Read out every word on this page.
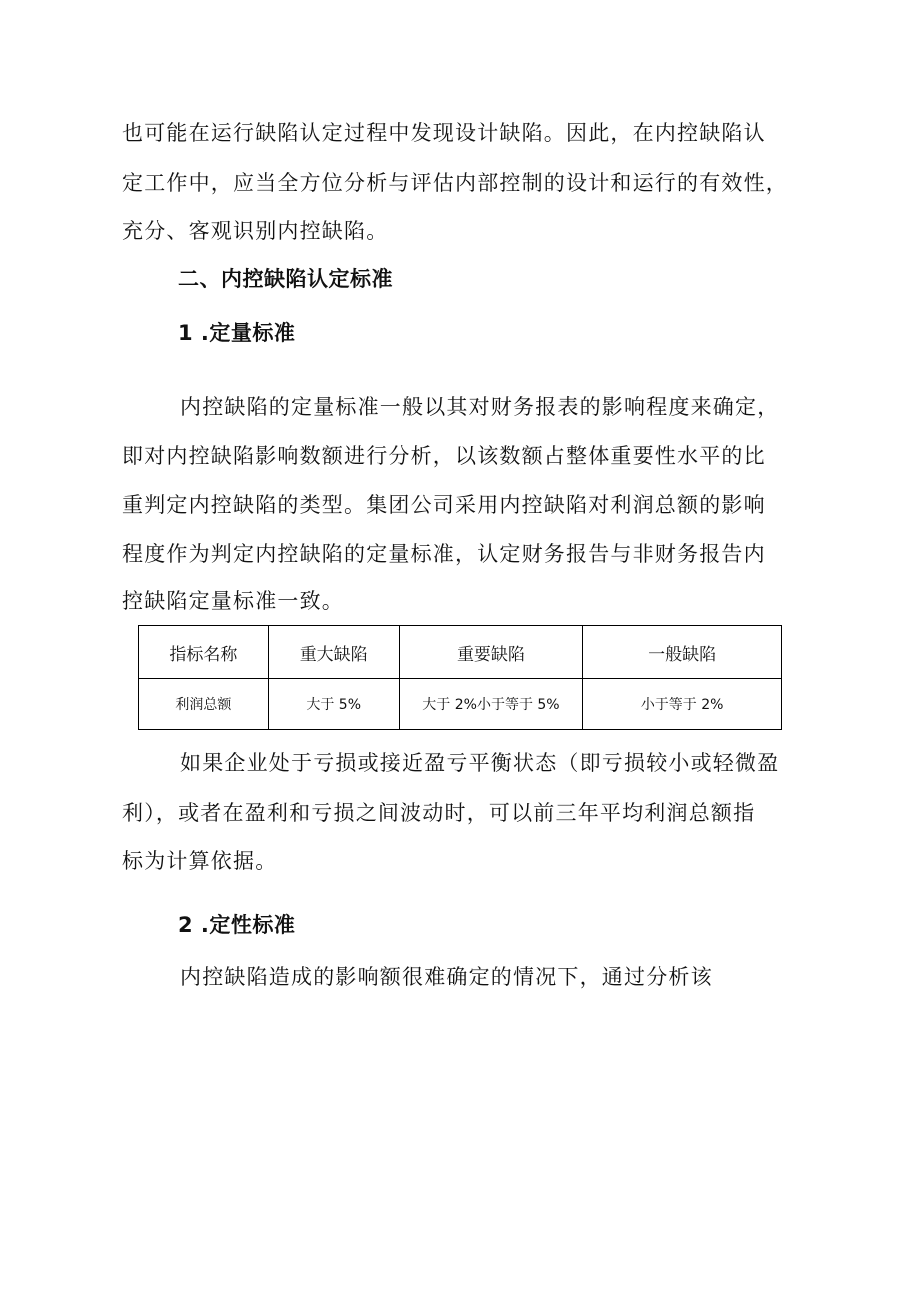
也可能在运行缺陷认定过程中发现设计缺陷。因此，在内控缺陷认
定工作中，应当全方位分析与评估内部控制的设计和运行的有效性，
充分、客观识别内控缺陷。
二、内控缺陷认定标准
1 .定量标准
内控缺陷的定量标准一般以其对财务报表的影响程度来确定，
即对内控缺陷影响数额进行分析，以该数额占整体重要性水平的比
重判定内控缺陷的类型。集团公司采用内控缺陷对利润总额的影响
程度作为判定内控缺陷的定量标准，认定财务报告与非财务报告内
控缺陷定量标准一致。
指标名称	重大缺陷	重要缺陷	一般缺陷
利润总额	大于 5%	大于 2%小于等于 5%	小于等于 2%
如果企业处于亏损或接近盈亏平衡状态（即亏损较小或轻微盈
利），或者在盈利和亏损之间波动时，可以前三年平均利润总额指
标为计算依据。
2 .定性标准
内控缺陷造成的影响额很难确定的情况下，通过分析该
